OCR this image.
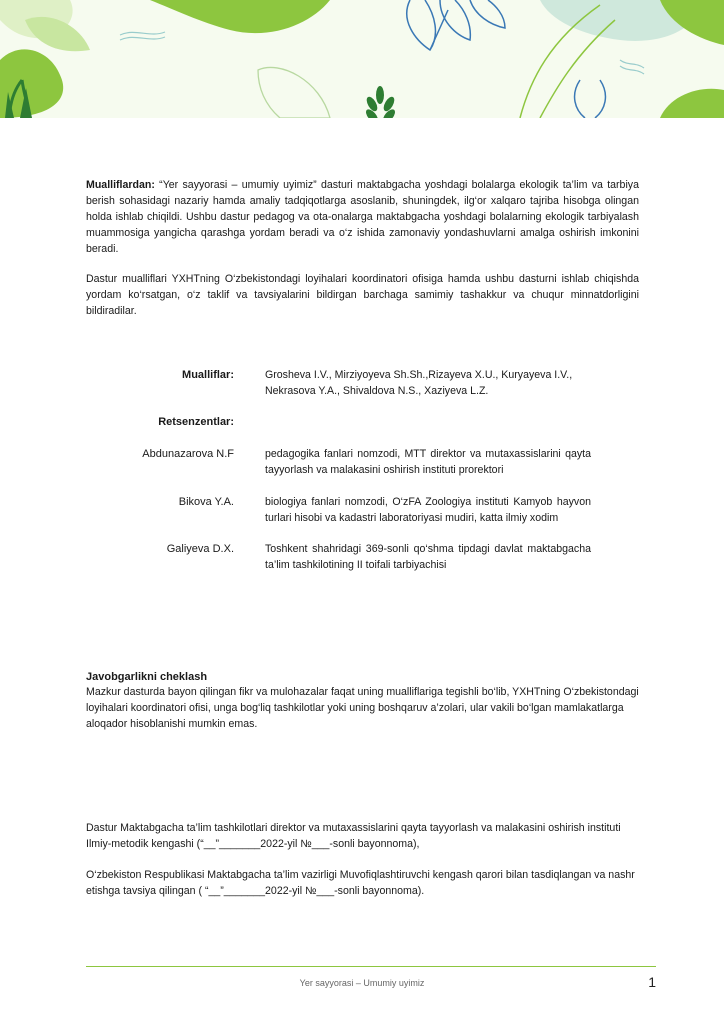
Mualliflardan: “Yer sayyorasi – umumiy uyimiz” dasturi maktabgacha yoshdagi bolalarga ekologik ta’lim va tarbiya berish sohasidagi nazariy hamda amaliy tadqiqotlarga asoslanib, shuningdek, ilg‘or xalqaro tajriba hisobga olingan holda ishlab chiqildi. Ushbu dastur pedagog va ota-onalarga maktabgacha yoshdagi bolalarning ekologik tarbiyalash muammosiga yangicha qarashga yordam beradi va o‘z ishida zamonaviy yondashuvlarni amalga oshirish imkonini beradi.

Dastur mualliflari YXHTning O‘zbekistondagi loyihalari koordinatori ofisiga hamda ushbu dasturni ishlab chiqishda yordam ko‘rsatgan, o‘z taklif va tavsiyalarini bildirgan barchaga samimiy tashakkur va chuqur minnatdorligini bildiradilar.

Mualliflar:	Grosheva I.V., Mirziyoyeva Sh.Sh.,Rizayeva X.U., Kuryayeva I.V.,
Nekrasova Y.A., Shivaldova N.S., Xaziyeva L.Z.
Retsenzentlar:
Abdunazarova N.F	pedagogika fanlari nomzodi, MTT direktor va mutaxassislarini qayta tayyorlash va malakasini oshirish instituti prorektori
Bikova Y.A.	biologiya fanlari nomzodi, O‘zFA Zoologiya instituti Kamyob hayvon turlari hisobi va kadastri laboratoriyasi mudiri, katta ilmiy xodim
Galiyeva D.X.	Toshkent shahridagi 369-sonli qo‘shma tipdagi davlat maktabgacha ta’lim tashkilotining II toifali tarbiyachisi
Javobgarlikni cheklash

Mazkur dasturda bayon qilingan fikr va mulohazalar faqat uning mualliflariga tegishli bo‘lib, YXHTning O‘zbekistondagi loyihalari koordinatori ofisi, unga bog‘liq tashkilotlar yoki uning boshqaruv a’zolari, ular vakili bo‘lgan mamlakatlarga aloqador hisoblanishi mumkin emas.

Dastur Maktabgacha ta’lim tashkilotlari direktor va mutaxassislarini qayta tayyorlash va malakasini oshirish instituti Ilmiy-metodik kengashi (“__”_______2022-yil №___-sonli bayonnoma),

O‘zbekiston Respublikasi Maktabgacha ta’lim vazirligi Muvofiqlashtiruvchi kengash qarori bilan tasdiqlangan va nashr etishga tavsiya qilingan ( “__”_______2022-yil №___-sonli bayonnoma).

Yer sayyorasi – Umumiy uyimiz	1
